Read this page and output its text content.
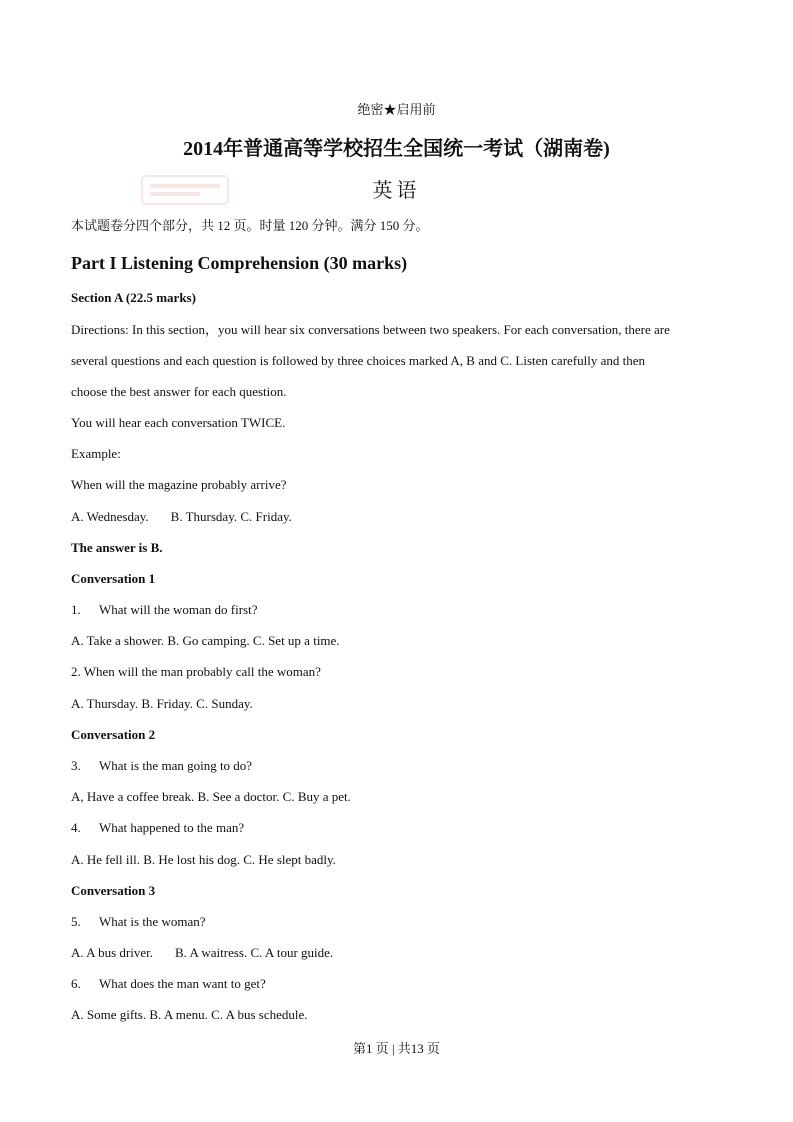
绝密★启用前
2014年普通高等学校招生全国统一考试（湖南卷)
英语
本试题卷分四个部分，共 12 页。时量 120 分钟。满分 150 分。
Part I Listening Comprehension (30 marks)
Section A (22.5 marks)
Directions: In this section，you will hear six conversations between two speakers. For each conversation, there are
several questions and each question is followed by three choices marked A, B and C. Listen carefully and then
choose the best answer for each question.
You will hear each conversation TWICE.
Example:
When will the magazine probably arrive?
A. Wednesday. B. Thursday. C. Friday.
The answer is B.
Conversation 1
1. What will the woman do first?
A. Take a shower. B. Go camping. C. Set up a time.
2. When will the man probably call the woman?
A. Thursday. B. Friday. C. Sunday.
Conversation 2
3. What is the man going to do?
A, Have a coffee break. B. See a doctor. C. Buy a pet.
4. What happened to the man?
A. He fell ill. B. He lost his dog. C. He slept badly.
Conversation 3
5. What is the woman?
A. A bus driver. B. A waitress. C. A tour guide.
6. What does the man want to get?
A. Some gifts. B. A menu. C. A bus schedule.
第1 页 | 共13 页
